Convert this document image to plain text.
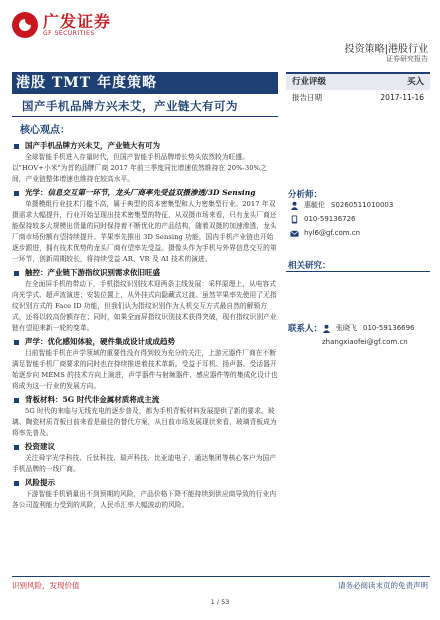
广发证券
GF SECURITIES
投资策略|港股行业
证券研究报告
港股 TMT 年度策略
国产手机品牌方兴未艾，产业链大有可为
核心观点：
行业评级	买入
报告日期	2017-11-16
分析师：
惠毓伦 S0260511010003
010-59136726
hyl6@gf.com.cn
相关研究：
联系人： 张晓飞 010-59136696
zhangxiaofei@gf.com.cn
国产手机品牌方兴未艾，产业链大有可为

全球智能手机进入存量时代，但国产智能手机品牌增长势头依然较为旺盛。以"HOV+小米"为首的品牌厂商 2017 年前三季度同比增速依然维持在 20%-30%之间，产业链整体增速也维持在较高水平。

光学： 信息交互第一环节，龙头厂商率先受益双摄渗透/3D Sensing

单摄模组行业技术门槛不高，属于典型的资本密集型和人力密集型行业。2017 年双摄需求大幅提升，行业开始呈现出技术密集型的特征，从双摄市场来看，只有龙头厂商还能保持较多大规模出货量的同时保持着不断优化的产品结构，随着双摄的加速渗透，龙头厂商市场份额有望持续提升。苹果率先推出 3D Sensing 功能，国内手机产业链也开始逐步跟进，拥有技术优势的龙头厂商有望率先受益。摄像头作为手机与外界信息交互的第一环节，创新周期较长，将持续受益 AR、VR 及 AI 技术的演进。

触控： 产业链下游指纹识别需求依旧旺盛

在全面屏手机的带动下，手机指纹识别技术迎两条主线发展：采样原理上，从电容式向光学式、超声波演进；安装位置上，从外挂式向隐藏式过渡。虽然苹果率先使用了无指纹识别方式的 Face ID 功能，但我们认为指纹识别作为人机交互方式最自然的解锁方式，还将以较高份额存在；同时，如果全面屏指纹识别技术获得突破，现有指纹识别产业链有望迎来新一轮的变革。

声学： 优化感知体验，硬件集成设计成成趋势

目前智能手机在声学领域的重要性没有得到较为充分的关注，上游元器件厂商在不断满足智能手机厂商要求的同时也在持续推进着技术革新。受益于耳机、扬声器、受话器开始逐步向 MEMS 的技术方向上演进，声学器件与射频器件、感应器件等的集成化设计也将成为这一行业的发展方向。

背板材料： 5G 时代非金属材质将成主流

5G 时代的来临与无线充电的逐步普及，都为手机背板材料发展提供了新的要求。玻璃、陶瓷材质背板目前来看是最佳的替代方案，从目前市场发展现状来看，玻璃背板成为将率先普及。

投资建议

关注舜宇光学科技、丘钛科技、瑞声科技、比亚迪电子、通达集团等核心客户为国产手机品牌的一线厂商。

风险提示

下游智能手机销量出不到预期的风险，产品价格下降不能持续到供应商导致的行业内各公司盈利能力受到的风险，人民币汇率大幅波动的风险。

识别风险，发现价值	请务必阅读末页的免责声明
1 / 53
